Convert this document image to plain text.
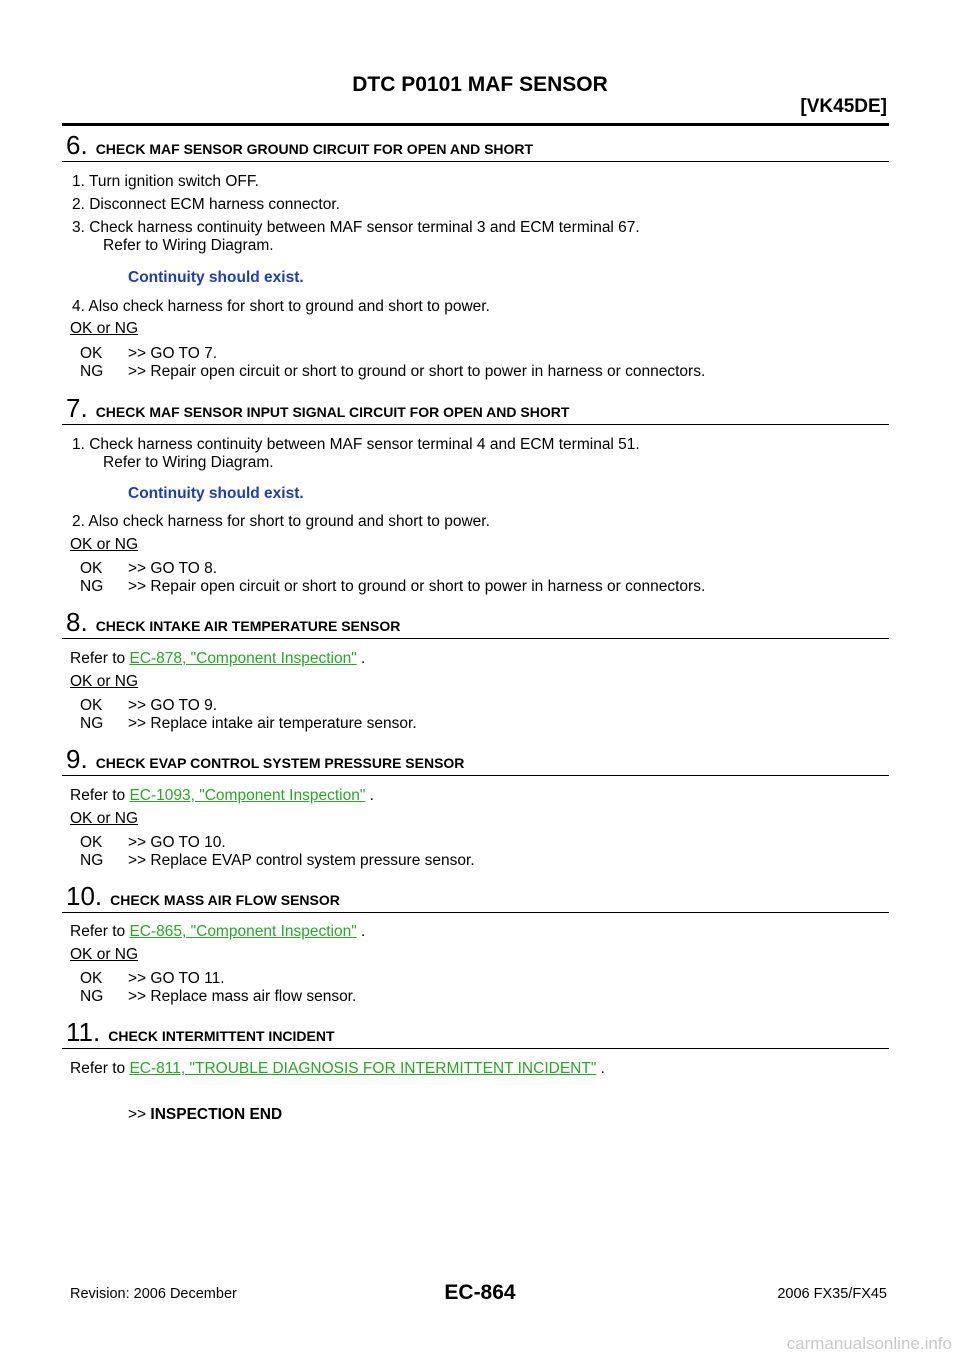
DTC P0101 MAF SENSOR
[VK45DE]
6. CHECK MAF SENSOR GROUND CIRCUIT FOR OPEN AND SHORT
1. Turn ignition switch OFF.
2. Disconnect ECM harness connector.
3. Check harness continuity between MAF sensor terminal 3 and ECM terminal 67.
Refer to Wiring Diagram.
Continuity should exist.
4. Also check harness for short to ground and short to power.
OK or NG
OK >> GO TO 7.
NG >> Repair open circuit or short to ground or short to power in harness or connectors.
7. CHECK MAF SENSOR INPUT SIGNAL CIRCUIT FOR OPEN AND SHORT
1. Check harness continuity between MAF sensor terminal 4 and ECM terminal 51.
Refer to Wiring Diagram.
Continuity should exist.
2. Also check harness for short to ground and short to power.
OK or NG
OK >> GO TO 8.
NG >> Repair open circuit or short to ground or short to power in harness or connectors.
8. CHECK INTAKE AIR TEMPERATURE SENSOR
Refer to EC-878, "Component Inspection" .
OK or NG
OK >> GO TO 9.
NG >> Replace intake air temperature sensor.
9. CHECK EVAP CONTROL SYSTEM PRESSURE SENSOR
Refer to EC-1093, "Component Inspection" .
OK or NG
OK >> GO TO 10.
NG >> Replace EVAP control system pressure sensor.
10. CHECK MASS AIR FLOW SENSOR
Refer to EC-865, "Component Inspection" .
OK or NG
OK >> GO TO 11.
NG >> Replace mass air flow sensor.
11. CHECK INTERMITTENT INCIDENT
Refer to EC-811, "TROUBLE DIAGNOSIS FOR INTERMITTENT INCIDENT" .
>> INSPECTION END
EC-864
Revision: 2006 December	2006 FX35/FX45
carmanualsonline.info
